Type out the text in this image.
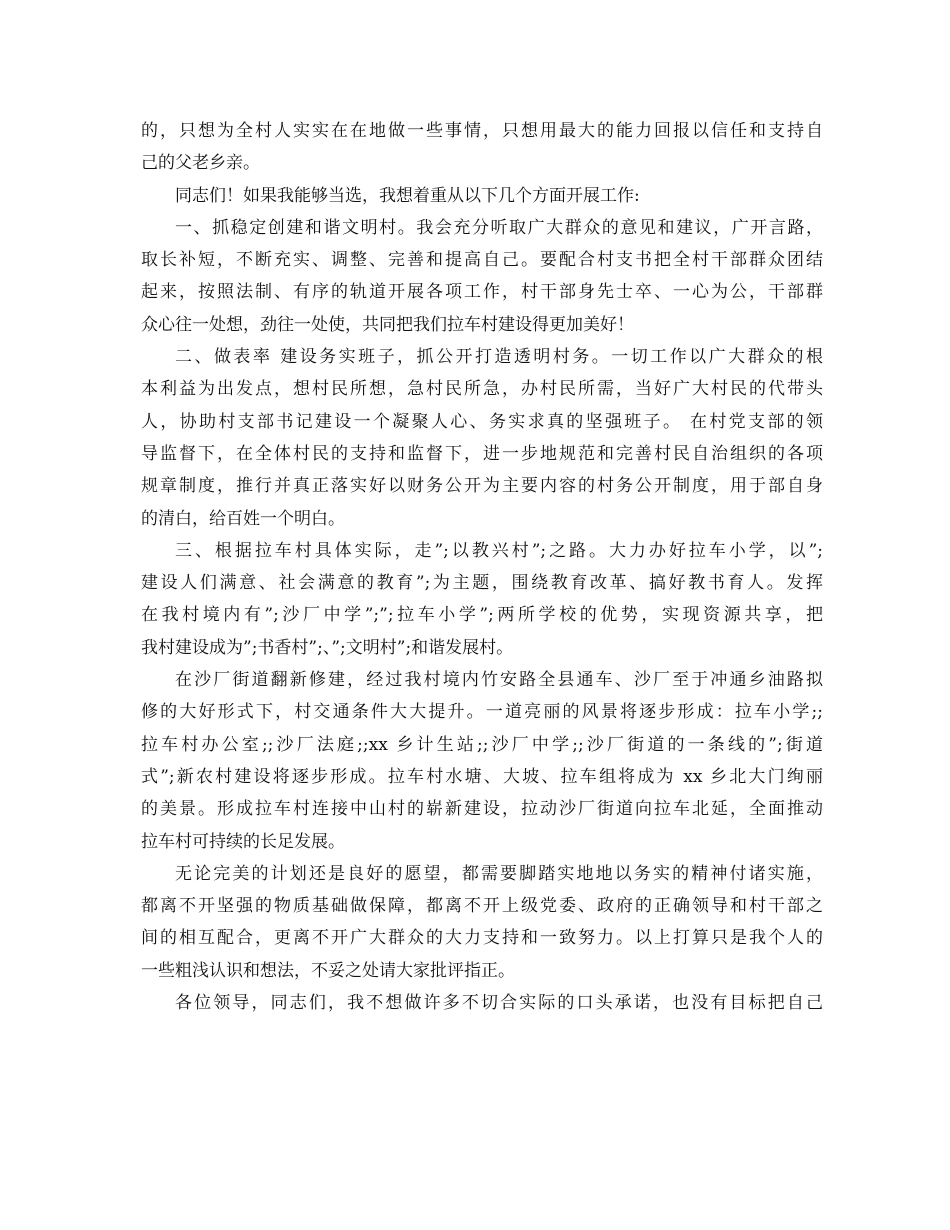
的，只想为全村人实实在在地做一些事情，只想用最大的能力回报以信任和支持自
己的父老乡亲。
同志们！如果我能够当选，我想着重从以下几个方面开展工作:
一、抓稳定创建和谐文明村。我会充分听取广大群众的意见和建议，广开言路，
取长补短，不断充实、调整、完善和提高自己。要配合村支书把全村干部群众团结
起来，按照法制、有序的轨道开展各项工作，村干部身先士卒、一心为公，干部群
众心往一处想，劲往一处使，共同把我们拉车村建设得更加美好！
二、做表率 建设务实班子，抓公开打造透明村务。一切工作以广大群众的根
本利益为出发点，想村民所想，急村民所急，办村民所需，当好广大村民的代带头
人，协助村支部书记建设一个凝聚人心、务实求真的坚强班子。 在村党支部的领
导监督下，在全体村民的支持和监督下，进一步地规范和完善村民自治组织的各项
规章制度，推行并真正落实好以财务公开为主要内容的村务公开制度，用于部自身
的清白，给百姓一个明白。
三、根据拉车村具体实际，走”;以教兴村”;之路。大力办好拉车小学，以”;
建设人们满意、社会满意的教育”;为主题，围绕教育改革、搞好教书育人。发挥
在我村境内有”;沙厂中学”;”;拉车小学”;两所学校的优势，实现资源共享，把
我村建设成为”;书香村”;、”;文明村”;和谐发展村。
在沙厂街道翻新修建，经过我村境内竹安路全县通车、沙厂至于冲通乡油路拟
修的大好形式下，村交通条件大大提升。一道亮丽的风景将逐步形成：拉车小学;;
拉车村办公室;;沙厂法庭;;xx 乡计生站;;沙厂中学;;沙厂街道的一条线的”;街道
式”;新农村建设将逐步形成。拉车村水塘、大坡、拉车组将成为 xx 乡北大门绚丽
的美景。形成拉车村连接中山村的崭新建设，拉动沙厂街道向拉车北延，全面推动
拉车村可持续的长足发展。
无论完美的计划还是良好的愿望，都需要脚踏实地地以务实的精神付诸实施，
都离不开坚强的物质基础做保障，都离不开上级党委、政府的正确领导和村干部之
间的相互配合，更离不开广大群众的大力支持和一致努力。以上打算只是我个人的
一些粗浅认识和想法，不妥之处请大家批评指正。
各位领导，同志们，我不想做许多不切合实际的口头承诺，也没有目标把自己
